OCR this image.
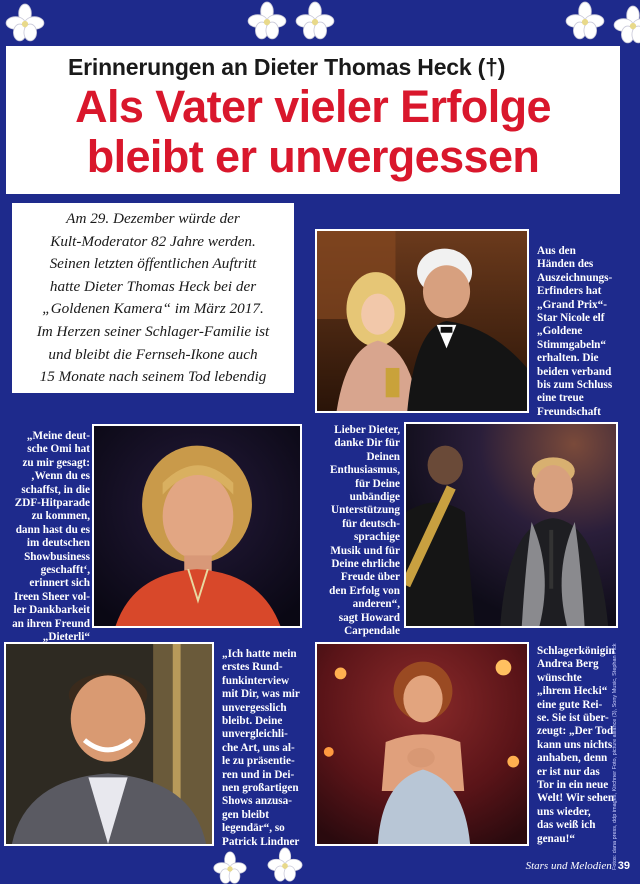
Erinnerungen an Dieter Thomas Heck (†)
Als Vater vieler Erfolge
bleibt er unvergessen
Am 29. Dezember würde der
Kult-Moderator 82 Jahre werden.
Seinen letzten öffentlichen Auftritt
hatte Dieter Thomas Heck bei der
„Goldenen Kamera“ im März 2017.
Im Herzen seiner Schlager-Familie ist
und bleibt die Fernseh-Ikone auch
15 Monate nach seinem Tod lebendig
Aus den
Händen des
Auszeichnungs-
Erfinders hat
„Grand Prix“-
Star Nicole elf
„Goldene
Stimmgabeln“
erhalten. Die
beiden verband
bis zum Schluss
eine treue
Freundschaft
„Meine deut-
sche Omi hat
zu mir gesagt:
‚Wenn du es
schaffst, in die
ZDF-Hitparade
zu kommen,
dann hast du es
im deutschen
Showbusiness
geschafft‘,
erinnert sich
Ireen Sheer vol-
ler Dankbarkeit
an ihren Freund
„Dieterli“
Lieber Dieter,
danke Dir für
Deinen
Enthusiasmus,
für Deine
unbändige
Unterstützung
für deutsch-
sprachige
Musik und für
Deine ehrliche
Freude über
den Erfolg von
anderen“,
sagt Howard
Carpendale
„Ich hatte mein
erstes Rund-
funkinterview
mit Dir, was mir
unvergesslich
bleibt. Deine
unvergleichli-
che Art, uns al-
le zu präsentie-
ren und in Dei-
nen großartigen
Shows anzusa-
gen bleibt
legendär“, so
Patrick Lindner
Schlagerkönigin
Andrea Berg
wünschte
„ihrem Hecki“
eine gute Rei-
se. Sie ist über-
zeugt: „Der Tod
kann uns nichts
anhaben, denn
er ist nur das
Tor in ein neue
Welt! Wir sehen
uns wieder,
das weiß ich
genau!“	Fotos: dana press, ddp images, Kirchner Foto, picture alliance (3), Sony Music, Stephan Pick
Stars und Melodien 39
